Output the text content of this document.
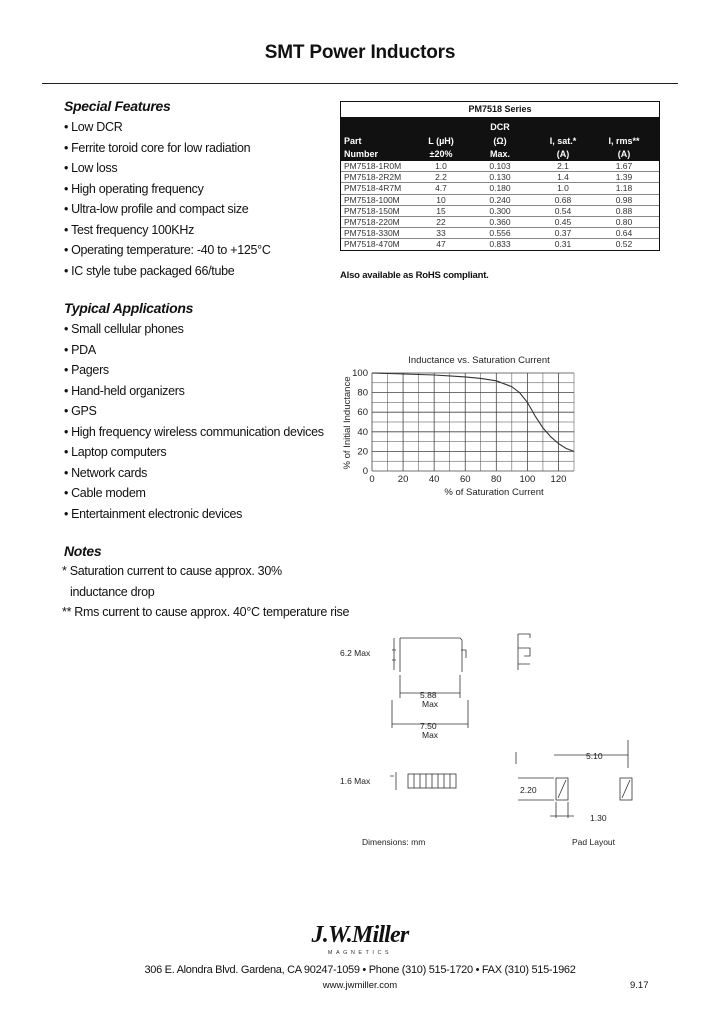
SMT Power Inductors
Special Features
• Low DCR
• Ferrite toroid core for low radiation
• Low loss
• High operating frequency
• Ultra-low profile and compact size
• Test frequency 100KHz
• Operating temperature: -40 to +125°C
• IC style tube packaged 66/tube
Typical Applications
• Small cellular phones
• PDA
• Pagers
• Hand-held organizers
• GPS
• High frequency wireless communication devices
• Laptop computers
• Network cards
• Cable modem
• Entertainment electronic devices
Notes
* Saturation current to cause approx. 30%
inductance drop
** Rms current to cause approx. 40°C temperature rise
PM7518 Series
DCR
Part	L (µH)	(Ω)	I, sat.*	I, rms**
Number	±20%	Max.	(A)	(A)
PM7518-1R0M	1.0	0.103	2.1	1.67
PM7518-2R2M	2.2	0.130	1.4	1.39
PM7518-4R7M	4.7	0.180	1.0	1.18
PM7518-100M	10	0.240	0.68	0.98
PM7518-150M	15	0.300	0.54	0.88
PM7518-220M	22	0.360	0.45	0.80
PM7518-330M	33	0.556	0.37	0.64
PM7518-470M	47	0.833	0.31	0.52
Also available as RoHS compliant.
Inductance vs. Saturation Current
0 20 40 60 80 100 120
0
20
40
60
80
100
% of Saturation Current
% of Initial Inductance
6.2 Max
5.88
Max
7.50
Max
1.6 Max
5.10
2.20
1.30
Dimensions: mm	Pad Layout
J.W.Miller
MAGNETICS
306 E. Alondra Blvd. Gardena, CA 90247-1059 • Phone (310) 515-1720 • FAX (310) 515-1962
www.jwmiller.com	9.17
